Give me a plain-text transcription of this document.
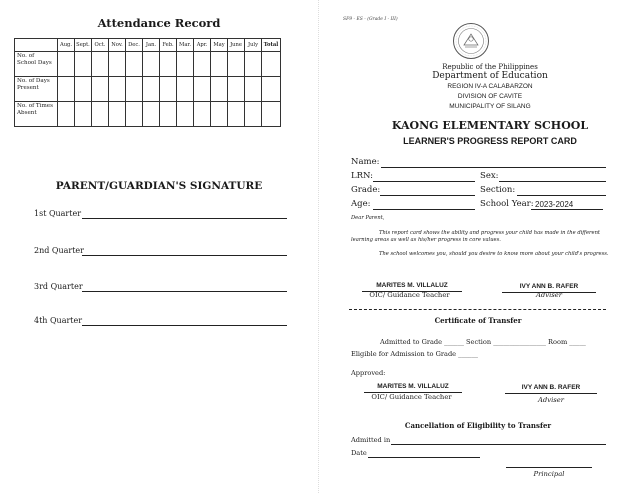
Attendance Record
	Aug.	Sept.	Oct.	Nov.	Dec.	Jan.	Feb.	Mar.	Apr.	May	June	July	Total
No. of School Days													
No. of Days Present													
No. of Times Absent													
PARENT/GUARDIAN'S SIGNATURE
1st Quarter
2nd Quarter
3rd Quarter
4th Quarter
SF9 - ES - (Grade I - III)
Republic of the Philippines
Department of Education
REGION IV-A CALABARZON
DIVISION OF CAVITE
MUNICIPALITY OF SILANG
KAONG ELEMENTARY SCHOOL
LEARNER'S PROGRESS REPORT CARD
Name:
LRN:	Sex:
Grade:	Section:
Age:	School Year: 2023-2024
Dear Parent,
This report card shows the ability and progress your child has made in the different learning areas as well as his/her progress in core values.
The school welcomes you, should you desire to know more about your child's progress.
MARITES M. VILLALUZ
OIC/ Guidance Teacher
IVY ANN B. RAFER
Adviser
Certificate of Transfer
Admitted to Grade ______ Section ________________ Room _____
Eligible for Admission to Grade ______
Approved:
MARITES M. VILLALUZ
OIC/ Guidance Teacher
IVY ANN B. RAFER
Adviser
Cancellation of Eligibility to Transfer
Admitted in
Date
Principal
